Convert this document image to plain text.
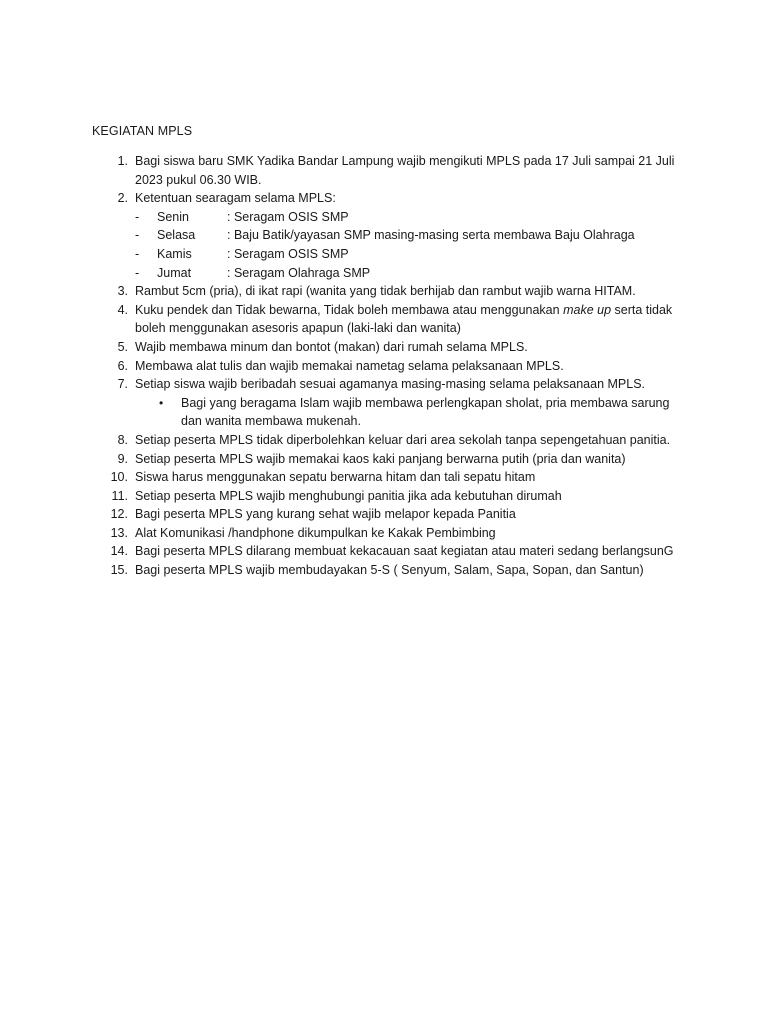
KEGIATAN MPLS
1. Bagi siswa baru SMK Yadika Bandar Lampung wajib mengikuti MPLS pada 17 Juli sampai 21 Juli 2023 pukul 06.30 WIB.
2. Ketentuan searagam selama MPLS:
- Senin	: Seragam OSIS SMP
- Selasa	: Baju Batik/yayasan SMP masing-masing serta membawa Baju Olahraga
- Kamis	: Seragam OSIS SMP
- Jumat	: Seragam Olahraga SMP
3. Rambut 5cm (pria), di ikat rapi (wanita yang tidak berhijab dan rambut wajib warna HITAM.
4. Kuku pendek dan Tidak bewarna, Tidak boleh membawa atau menggunakan make up serta tidak boleh menggunakan asesoris apapun (laki-laki dan wanita)
5. Wajib membawa minum dan bontot (makan) dari rumah selama MPLS.
6. Membawa alat tulis dan wajib memakai nametag selama pelaksanaan MPLS.
7. Setiap siswa wajib beribadah sesuai agamanya masing-masing selama pelaksanaan MPLS.
• Bagi yang beragama Islam wajib membawa perlengkapan sholat, pria membawa sarung dan wanita membawa mukenah.
8. Setiap peserta MPLS tidak diperbolehkan keluar dari area sekolah tanpa sepengetahuan panitia.
9. Setiap peserta MPLS wajib memakai kaos kaki panjang berwarna putih (pria dan wanita)
10. Siswa harus menggunakan sepatu berwarna hitam dan tali sepatu hitam
11. Setiap peserta MPLS wajib menghubungi panitia jika ada kebutuhan dirumah
12. Bagi peserta MPLS yang kurang sehat wajib melapor kepada Panitia
13. Alat Komunikasi /handphone dikumpulkan ke Kakak Pembimbing
14. Bagi peserta MPLS dilarang membuat kekacauan saat kegiatan atau materi sedang berlangsunG
15. Bagi peserta MPLS wajib membudayakan 5-S ( Senyum, Salam, Sapa, Sopan, dan Santun)
